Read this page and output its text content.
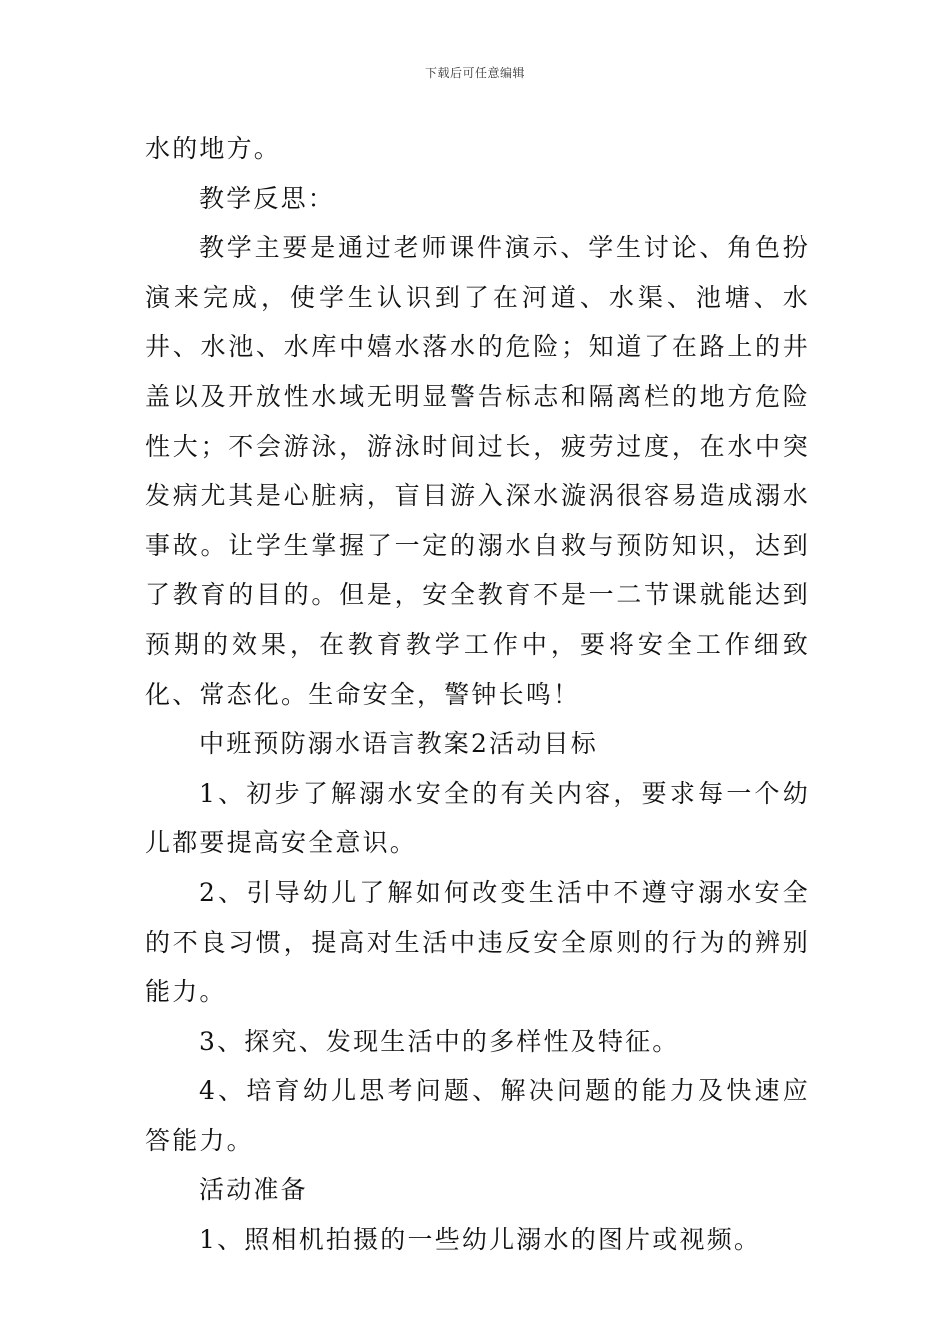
下载后可任意编辑

水的地方。

教学反思：

教学主要是通过老师课件演示、学生讨论、角色扮演来完成，使学生认识到了在河道、水渠、池塘、水井、水池、水库中嬉水落水的危险；知道了在路上的井盖以及开放性水域无明显警告标志和隔离栏的地方危险性大；不会游泳，游泳时间过长，疲劳过度，在水中突发病尤其是心脏病，盲目游入深水漩涡很容易造成溺水事故。让学生掌握了一定的溺水自救与预防知识，达到了教育的目的。但是，安全教育不是一二节课就能达到预期的效果，在教育教学工作中，要将安全工作细致化、常态化。生命安全，警钟长鸣！

中班预防溺水语言教案2活动目标

1、初步了解溺水安全的有关内容，要求每一个幼儿都要提高安全意识。

2、引导幼儿了解如何改变生活中不遵守溺水安全的不良习惯，提高对生活中违反安全原则的行为的辨别能力。

3、探究、发现生活中的多样性及特征。

4、培育幼儿思考问题、解决问题的能力及快速应答能力。

活动准备

1、照相机拍摄的一些幼儿溺水的图片或视频。
